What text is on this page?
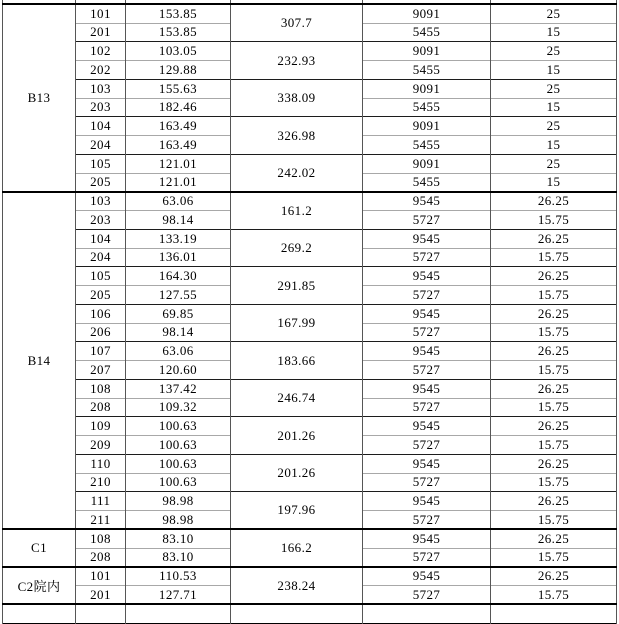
B13	101	153.85	307.7	9091	25
	201	153.85		5455	15
	102	103.05	232.93	9091	25
	202	129.88		5455	15
	103	155.63	338.09	9091	25
	203	182.46		5455	15
	104	163.49	326.98	9091	25
	204	163.49		5455	15
	105	121.01	242.02	9091	25
	205	121.01		5455	15
B14	103	63.06	161.2	9545	26.25
	203	98.14		5727	15.75
	104	133.19	269.2	9545	26.25
	204	136.01		5727	15.75
	105	164.30	291.85	9545	26.25
	205	127.55		5727	15.75
	106	69.85	167.99	9545	26.25
	206	98.14		5727	15.75
	107	63.06	183.66	9545	26.25
	207	120.60		5727	15.75
	108	137.42	246.74	9545	26.25
	208	109.32		5727	15.75
	109	100.63	201.26	9545	26.25
	209	100.63		5727	15.75
	110	100.63	201.26	9545	26.25
	210	100.63		5727	15.75
	111	98.98	197.96	9545	26.25
	211	98.98		5727	15.75
C1	108	83.10	166.2	9545	26.25
	208	83.10		5727	15.75
C2院内	101	110.53	238.24	9545	26.25
	201	127.71		5727	15.75
